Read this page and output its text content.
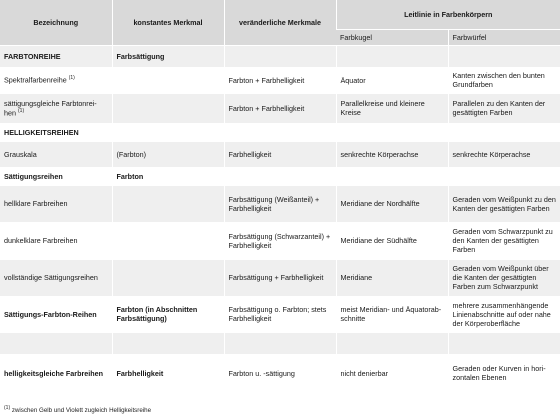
Bezeichnung	konstantes Merkmal	veränderliche Merkmale	Leitlinie in Farbenkörpern	
			Farbkugel	Farbwürfel
FARBTONREIHE	Farbsättigung			
Spektralfarbenreihe $^{(1)}$		Farbton + Farbhelligkeit	Äquator	Kanten zwischen den bunten Grundfarben
sättigungsgleiche Farbtonrei-hen $^{(1)}$		Farbton + Farbhelligkeit	Parallelkreise und kleinere Kreise	Parallelen zu den Kanten der gesättigten Farben
HELLIGKEITSREIHEN				
Grauskala	(Farbton)	Farbhelligkeit	senkrechte Körperachse	senkrechte Körperachse
Sättigungsreihen	Farbton			
hellklare Farbreihen		Farbsättigung (Weißanteil) + Farbhelligkeit	Meridiane der Nordhälfte	Geraden vom Weißpunkt zu den Kanten der gesättigten Farben
dunkelklare Farbreihen		Farbsättigung (Schwarzanteil) + Farbhelligkeit	Meridiane der Südhälfte	Geraden vom Schwarzpunkt zu den Kanten der gesättigten Farben
vollständige Sättigungsreihen		Farbsättigung + Farbhelligkeit	Meridiane	Geraden vom Weißpunkt über die Kanten der gesättigten Farben zum Schwarzpunkt
Sättigungs-Farbton-Reihen	Farbton (in Abschnitten Farbsättigung)	Farbsättigung o. Farbton; stets Farbhelligkeit	meist Meridian- und Äquatorab-schnitte	mehrere zusammenhängende Linienabschnitte auf oder nahe der Körperoberfläche

helligkeitsgleiche Farbreihen	Farbhelligkeit	Farbton u. -sättigung	nicht denierbar	Geraden oder Kurven in hori-zontalen Ebenen
$^{(1)}$ zwischen Gelb und Violett zugleich Helligkeitsreihe
